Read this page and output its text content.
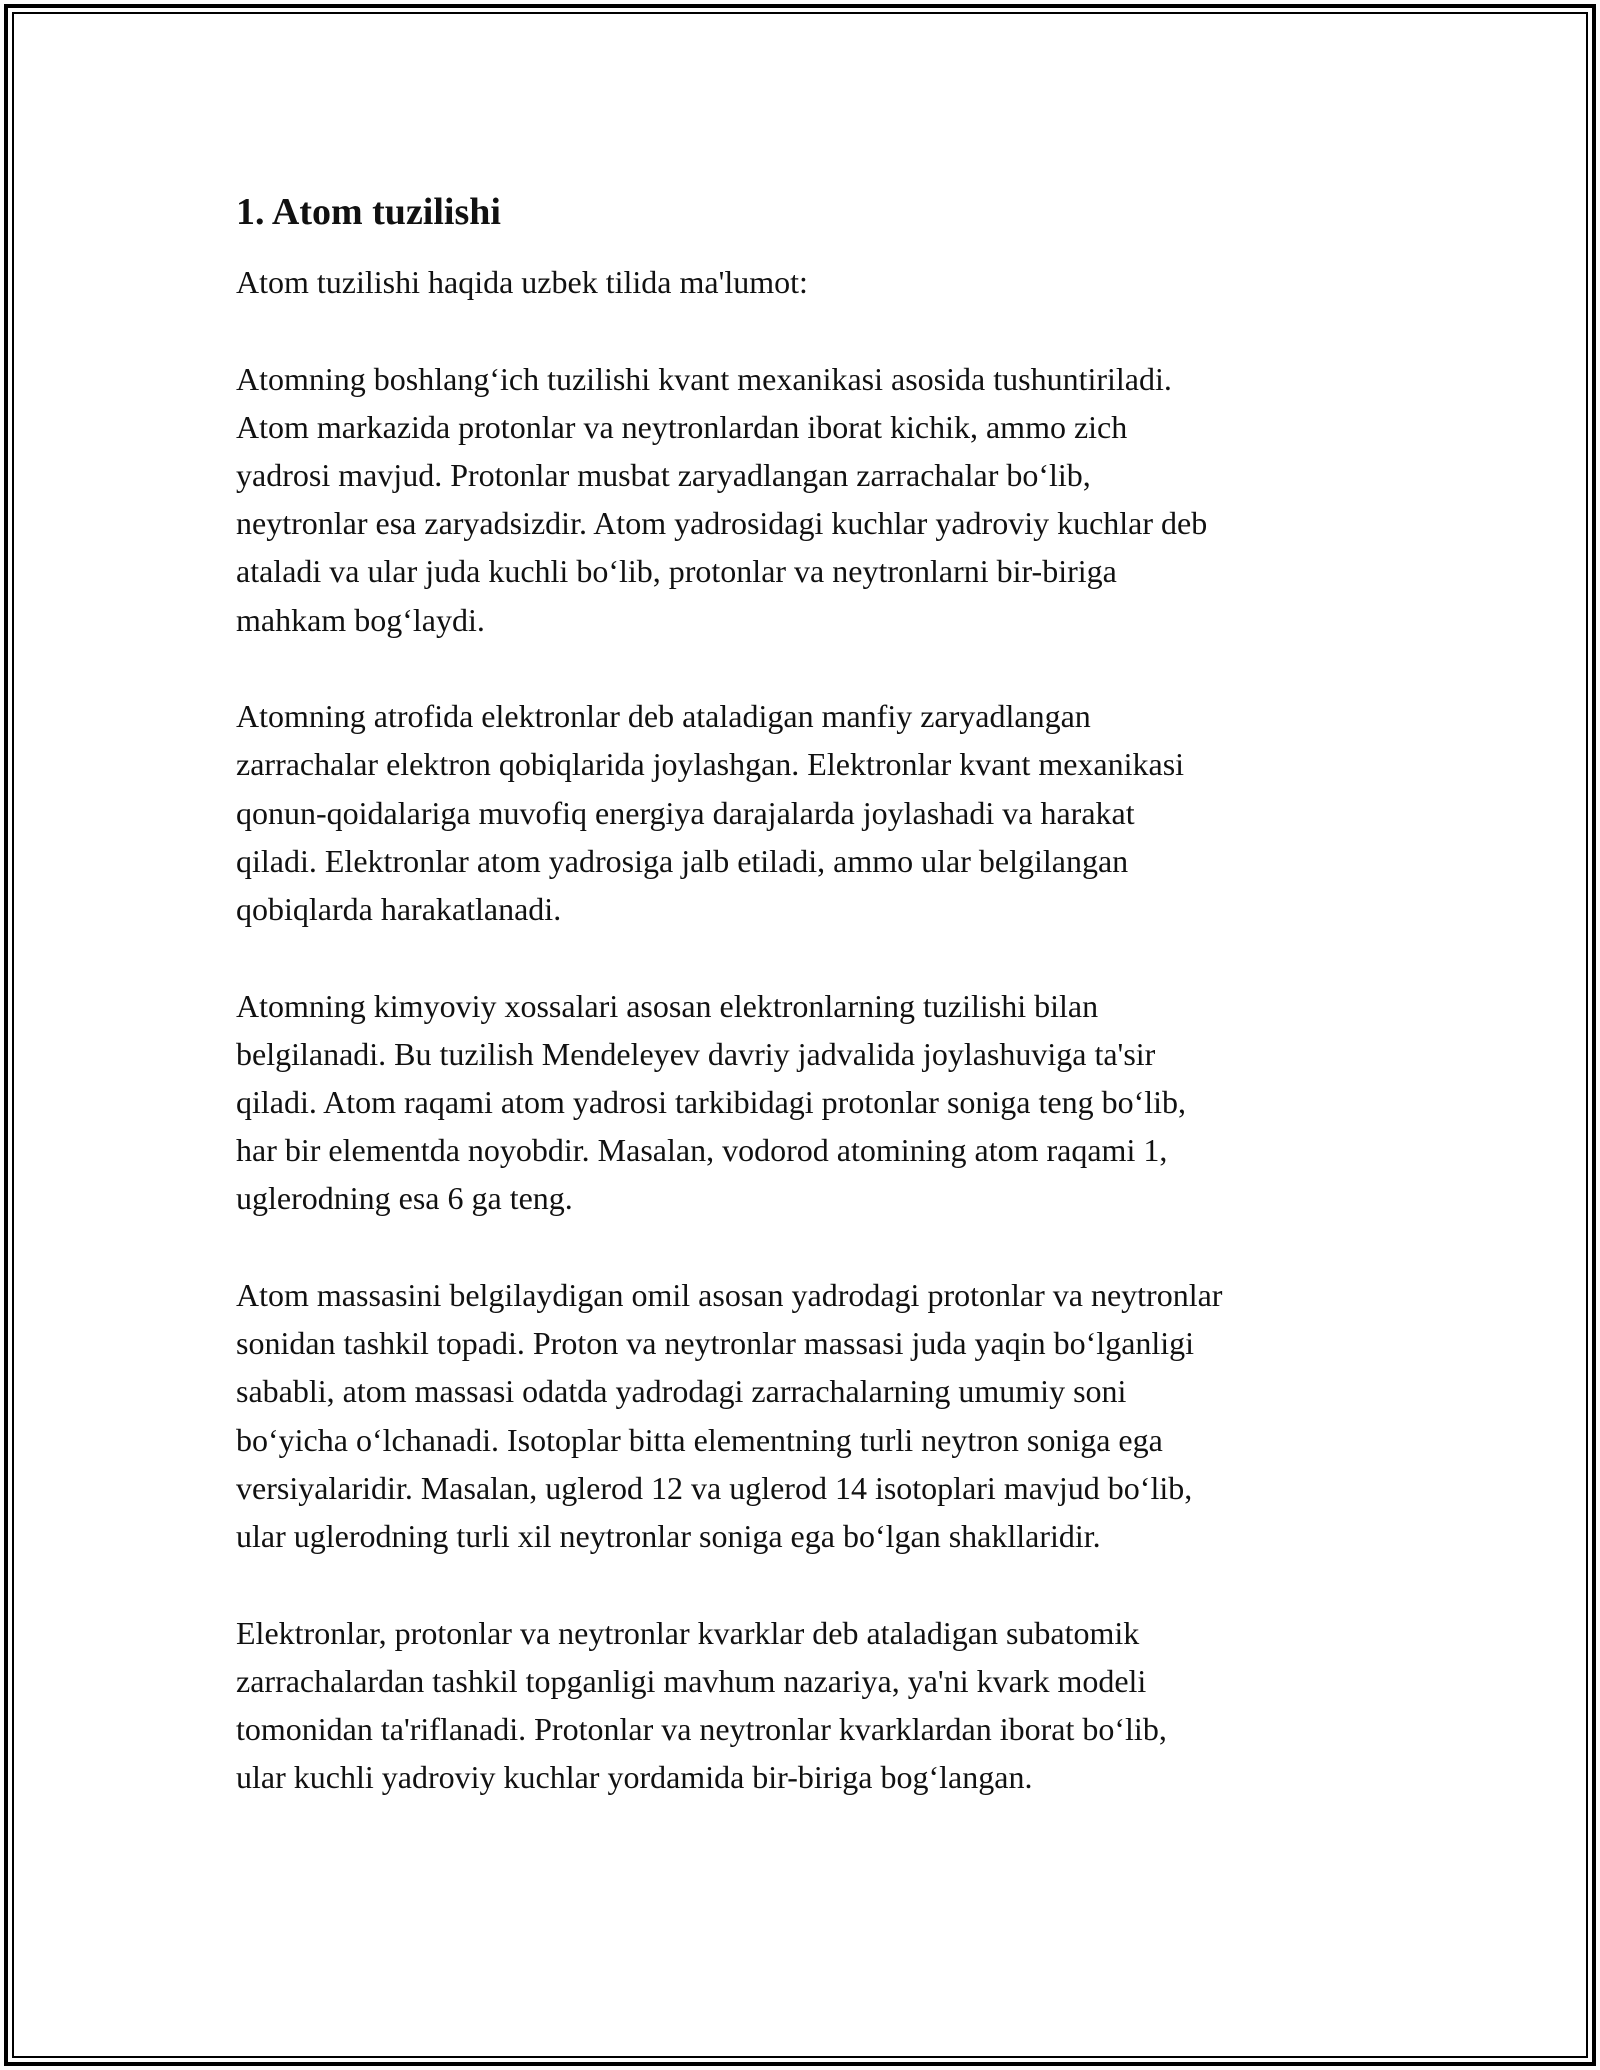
1. Atom tuzilishi

Atom tuzilishi haqida uzbek tilida ma'lumot:

Atomning boshlang‘ich tuzilishi kvant mexanikasi asosida tushuntiriladi.
Atom markazida protonlar va neytronlardan iborat kichik, ammo zich
yadrosi mavjud. Protonlar musbat zaryadlangan zarrachalar bo‘lib,
neytronlar esa zaryadsizdir. Atom yadrosidagi kuchlar yadroviy kuchlar deb
ataladi va ular juda kuchli bo‘lib, protonlar va neytronlarni bir-biriga
mahkam bog‘laydi.

Atomning atrofida elektronlar deb ataladigan manfiy zaryadlangan
zarrachalar elektron qobiqlarida joylashgan. Elektronlar kvant mexanikasi
qonun-qoidalariga muvofiq energiya darajalarda joylashadi va harakat
qiladi. Elektronlar atom yadrosiga jalb etiladi, ammo ular belgilangan
qobiqlarda harakatlanadi.

Atomning kimyoviy xossalari asosan elektronlarning tuzilishi bilan
belgilanadi. Bu tuzilish Mendeleyev davriy jadvalida joylashuviga ta'sir
qiladi. Atom raqami atom yadrosi tarkibidagi protonlar soniga teng bo‘lib,
har bir elementda noyobdir. Masalan, vodorod atomining atom raqami 1,
uglerodning esa 6 ga teng.

Atom massasini belgilaydigan omil asosan yadrodagi protonlar va neytronlar
sonidan tashkil topadi. Proton va neytronlar massasi juda yaqin bo‘lganligi
sababli, atom massasi odatda yadrodagi zarrachalarning umumiy soni
bo‘yicha o‘lchanadi. Isotoplar bitta elementning turli neytron soniga ega
versiyalaridir. Masalan, uglerod 12 va uglerod 14 isotoplari mavjud bo‘lib,
ular uglerodning turli xil neytronlar soniga ega bo‘lgan shakllaridir.

Elektronlar, protonlar va neytronlar kvarklar deb ataladigan subatomik
zarrachalardan tashkil topganligi mavhum nazariya, ya'ni kvark modeli
tomonidan ta'riflanadi. Protonlar va neytronlar kvarklardan iborat bo‘lib,
ular kuchli yadroviy kuchlar yordamida bir-biriga bog‘langan.
